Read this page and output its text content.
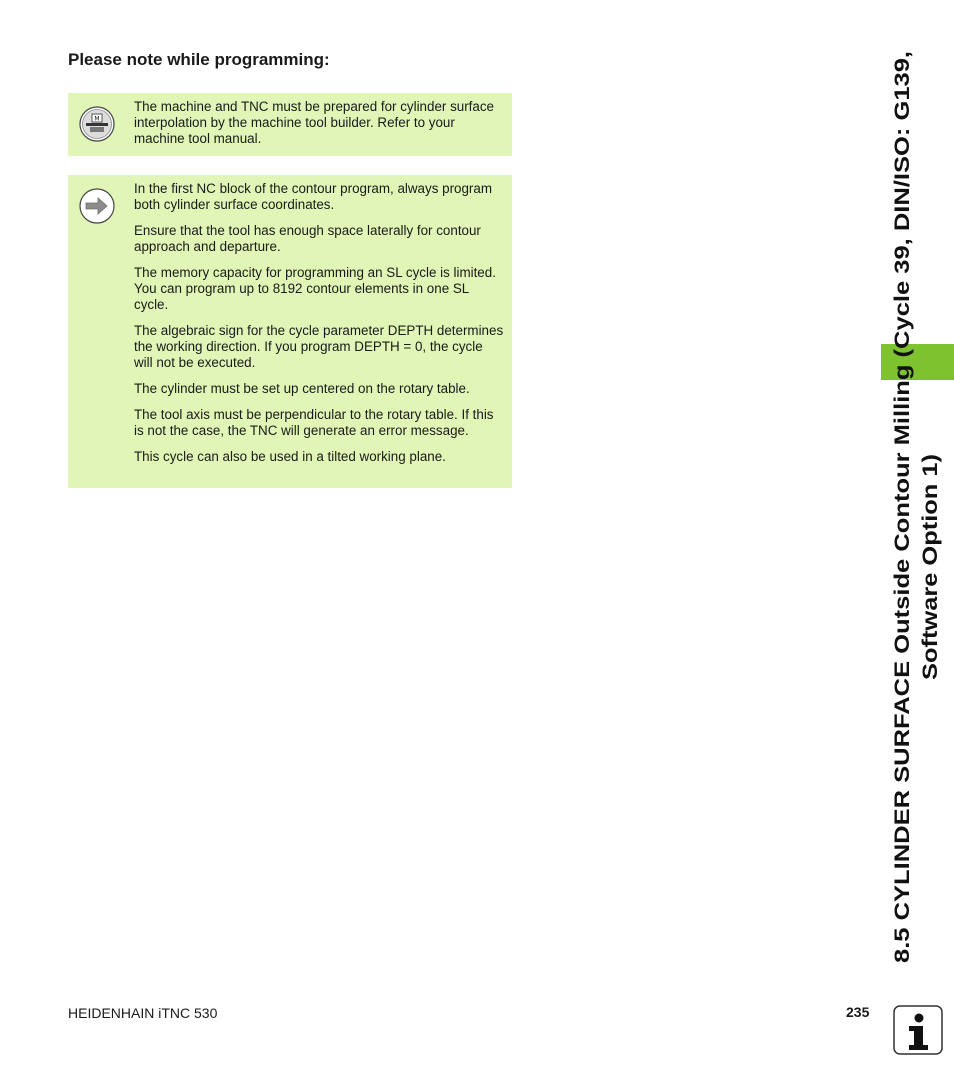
Please note while programming:
M

The machine and TNC must be prepared for cylinder surface interpolation by the machine tool builder. Refer to your machine tool manual.

In the first NC block of the contour program, always program both cylinder surface coordinates.

Ensure that the tool has enough space laterally for contour approach and departure.

The memory capacity for programming an SL cycle is limited. You can program up to 8192 contour elements in one SL cycle.

The algebraic sign for the cycle parameter DEPTH determines the working direction. If you program DEPTH = 0, the cycle will not be executed.

The cylinder must be set up centered on the rotary table.

The tool axis must be perpendicular to the rotary table. If this is not the case, the TNC will generate an error message.

This cycle can also be used in a tilted working plane.	8.5 CYLINDER SURFACE Outside Contour Milling (Cycle 39, DIN/ISO: G139, Software Option 1)
HEIDENHAIN iTNC 530	235
